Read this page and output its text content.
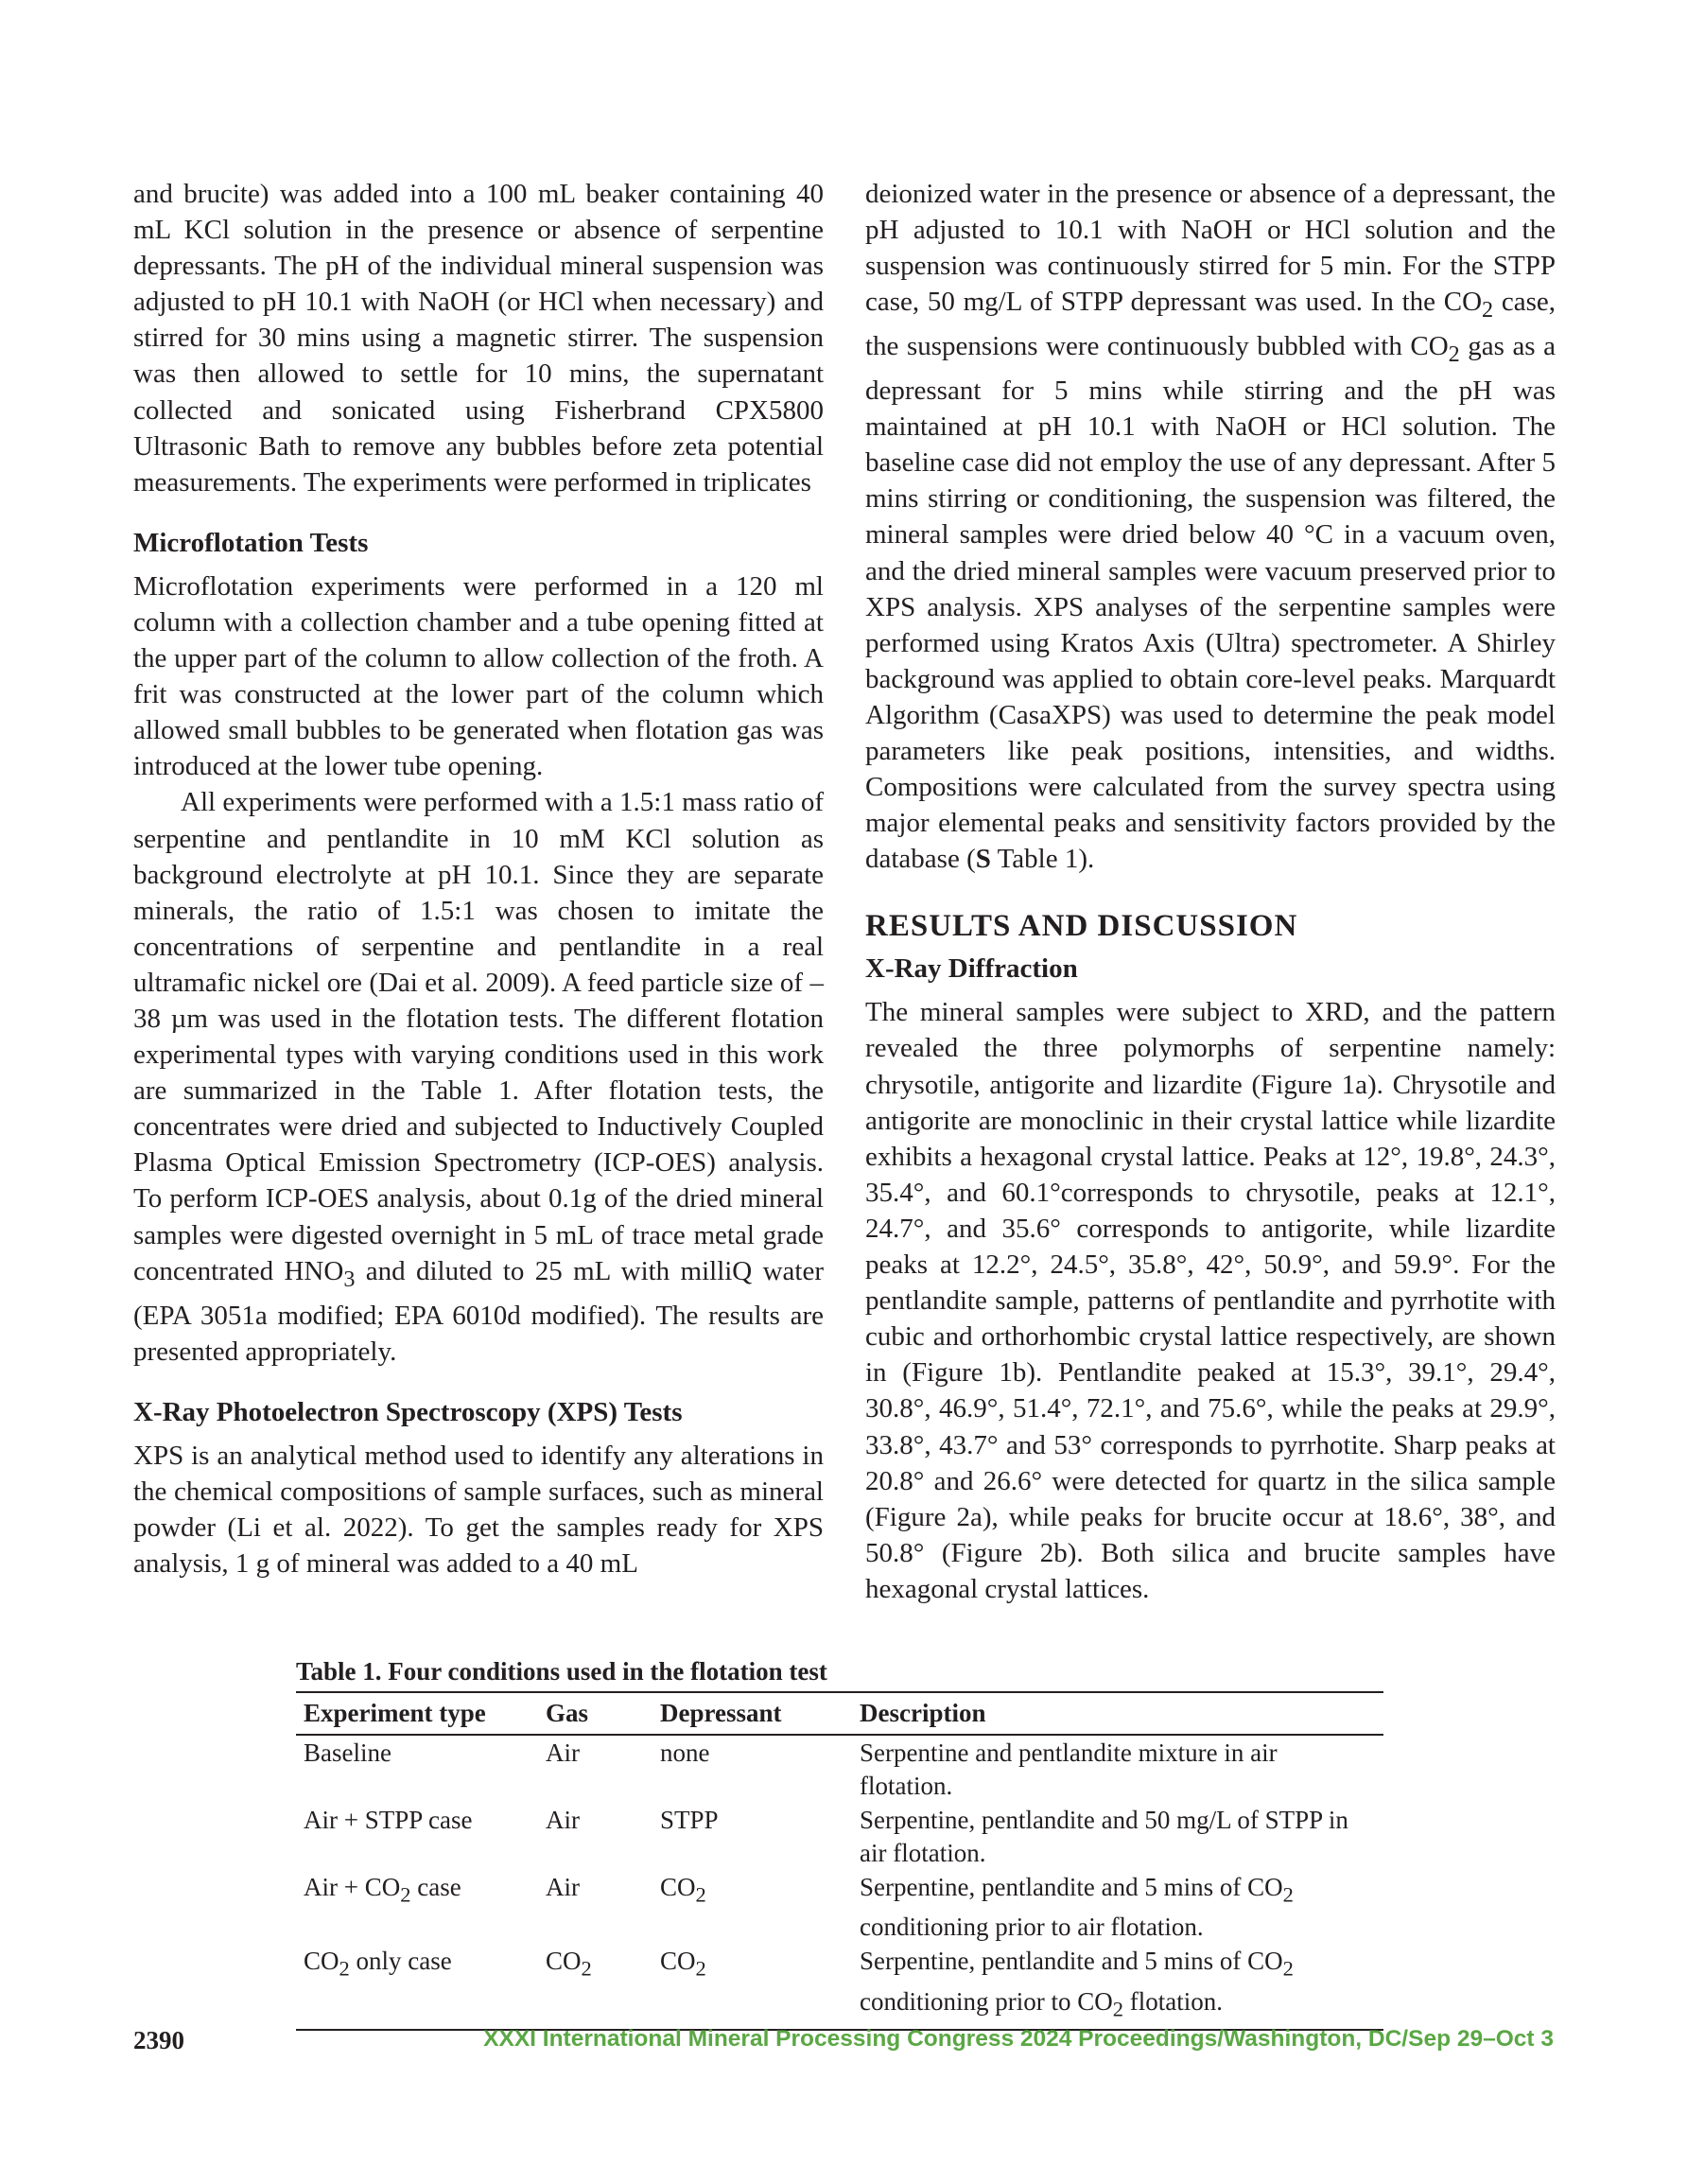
and brucite) was added into a 100 mL beaker containing 40 mL KCl solution in the presence or absence of serpentine depressants. The pH of the individual mineral suspension was adjusted to pH 10.1 with NaOH (or HCl when necessary) and stirred for 30 mins using a magnetic stirrer. The suspension was then allowed to settle for 10 mins, the supernatant collected and sonicated using Fisherbrand CPX5800 Ultrasonic Bath to remove any bubbles before zeta potential measurements. The experiments were performed in triplicates

Microflotation Tests

Microflotation experiments were performed in a 120 ml column with a collection chamber and a tube opening fitted at the upper part of the column to allow collection of the froth. A frit was constructed at the lower part of the column which allowed small bubbles to be generated when flotation gas was introduced at the lower tube opening.

All experiments were performed with a 1.5:1 mass ratio of serpentine and pentlandite in 10 mM KCl solution as background electrolyte at pH 10.1. Since they are separate minerals, the ratio of 1.5:1 was chosen to imitate the concentrations of serpentine and pentlandite in a real ultramafic nickel ore (Dai et al. 2009). A feed particle size of –38 µm was used in the flotation tests. The different flotation experimental types with varying conditions used in this work are summarized in the Table 1. After flotation tests, the concentrates were dried and subjected to Inductively Coupled Plasma Optical Emission Spectrometry (ICP-OES) analysis. To perform ICP-OES analysis, about 0.1g of the dried mineral samples were digested overnight in 5 mL of trace metal grade concentrated $HNO_3$ and diluted to 25 mL with milliQ water (EPA 3051a modified; EPA 6010d modified). The results are presented appropriately.

X-Ray Photoelectron Spectroscopy (XPS) Tests

XPS is an analytical method used to identify any alterations in the chemical compositions of sample surfaces, such as mineral powder (Li et al. 2022). To get the samples ready for XPS analysis, 1 g of mineral was added to a 40 mL

deionized water in the presence or absence of a depressant, the pH adjusted to 10.1 with NaOH or HCl solution and the suspension was continuously stirred for 5 min. For the STPP case, 50 mg/L of STPP depressant was used. In the $CO_2$ case, the suspensions were continuously bubbled with $CO_2$ gas as a depressant for 5 mins while stirring and the pH was maintained at pH 10.1 with NaOH or HCl solution. The baseline case did not employ the use of any depressant. After 5 mins stirring or conditioning, the suspension was filtered, the mineral samples were dried below 40 °C in a vacuum oven, and the dried mineral samples were vacuum preserved prior to XPS analysis. XPS analyses of the serpentine samples were performed using Kratos Axis (Ultra) spectrometer. A Shirley background was applied to obtain core-level peaks. Marquardt Algorithm (CasaXPS) was used to determine the peak model parameters like peak positions, intensities, and widths. Compositions were calculated from the survey spectra using major elemental peaks and sensitivity factors provided by the database (S Table 1).

RESULTS AND DISCUSSION
X-Ray Diffraction

The mineral samples were subject to XRD, and the pattern revealed the three polymorphs of serpentine namely: chrysotile, antigorite and lizardite (Figure 1a). Chrysotile and antigorite are monoclinic in their crystal lattice while lizardite exhibits a hexagonal crystal lattice. Peaks at 12°, 19.8°, 24.3°, 35.4°, and 60.1°corresponds to chrysotile, peaks at 12.1°, 24.7°, and 35.6° corresponds to antigorite, while lizardite peaks at 12.2°, 24.5°, 35.8°, 42°, 50.9°, and 59.9°. For the pentlandite sample, patterns of pentlandite and pyrrhotite with cubic and orthorhombic crystal lattice respectively, are shown in (Figure 1b). Pentlandite peaked at 15.3°, 39.1°, 29.4°, 30.8°, 46.9°, 51.4°, 72.1°, and 75.6°, while the peaks at 29.9°, 33.8°, 43.7° and 53° corresponds to pyrrhotite. Sharp peaks at 20.8° and 26.6° were detected for quartz in the silica sample (Figure 2a), while peaks for brucite occur at 18.6°, 38°, and 50.8° (Figure 2b). Both silica and brucite samples have hexagonal crystal lattices.

Table 1. Four conditions used in the flotation test
Experiment type	Gas	Depressant	Description
Baseline	Air	none	Serpentine and pentlandite mixture in air flotation.
Air + STPP case	Air	STPP	Serpentine, pentlandite and 50 mg/L of STPP in air flotation.
Air + $CO_2$ case	Air	$CO_2$	Serpentine, pentlandite and 5 mins of $CO_2$ conditioning prior to air flotation.
$CO_2$ only case	$CO_2$	$CO_2$	Serpentine, pentlandite and 5 mins of $CO_2$ conditioning prior to $CO_2$ flotation.
2390	XXXI International Mineral Processing Congress 2024 Proceedings/Washington, DC/Sep 29–Oct 3
